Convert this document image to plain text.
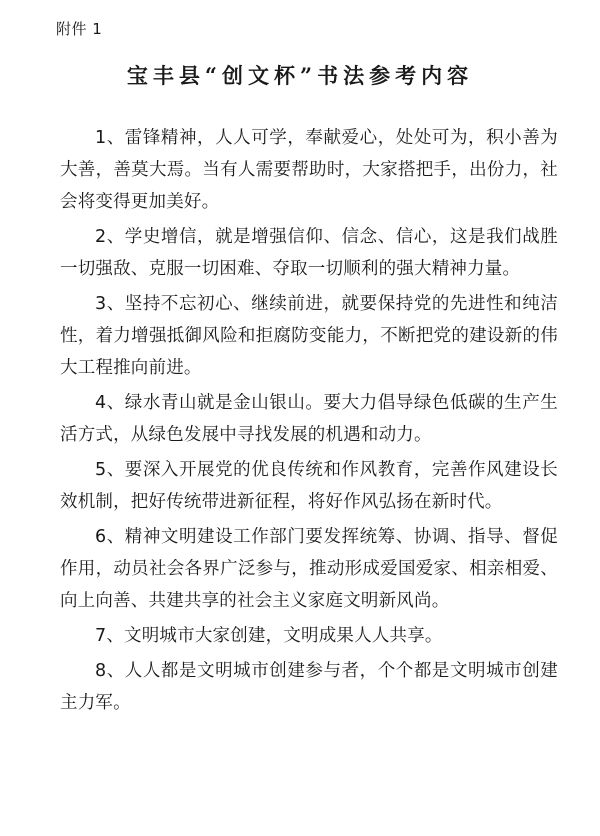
附件 1
宝丰县“创文杯”书法参考内容

1、雷锋精神，人人可学，奉献爱心，处处可为，积小善为大善，善莫大焉。当有人需要帮助时，大家搭把手，出份力，社会将变得更加美好。

2、学史增信，就是增强信仰、信念、信心，这是我们战胜一切强敌、克服一切困难、夺取一切顺利的强大精神力量。

3、坚持不忘初心、继续前进，就要保持党的先进性和纯洁性，着力增强抵御风险和拒腐防变能力，不断把党的建设新的伟大工程推向前进。

4、绿水青山就是金山银山。要大力倡导绿色低碳的生产生活方式，从绿色发展中寻找发展的机遇和动力。

5、要深入开展党的优良传统和作风教育，完善作风建设长效机制，把好传统带进新征程，将好作风弘扬在新时代。

6、精神文明建设工作部门要发挥统筹、协调、指导、督促作用，动员社会各界广泛参与，推动形成爱国爱家、相亲相爱、向上向善、共建共享的社会主义家庭文明新风尚。

7、文明城市大家创建，文明成果人人共享。

8、人人都是文明城市创建参与者，个个都是文明城市创建主力军。
